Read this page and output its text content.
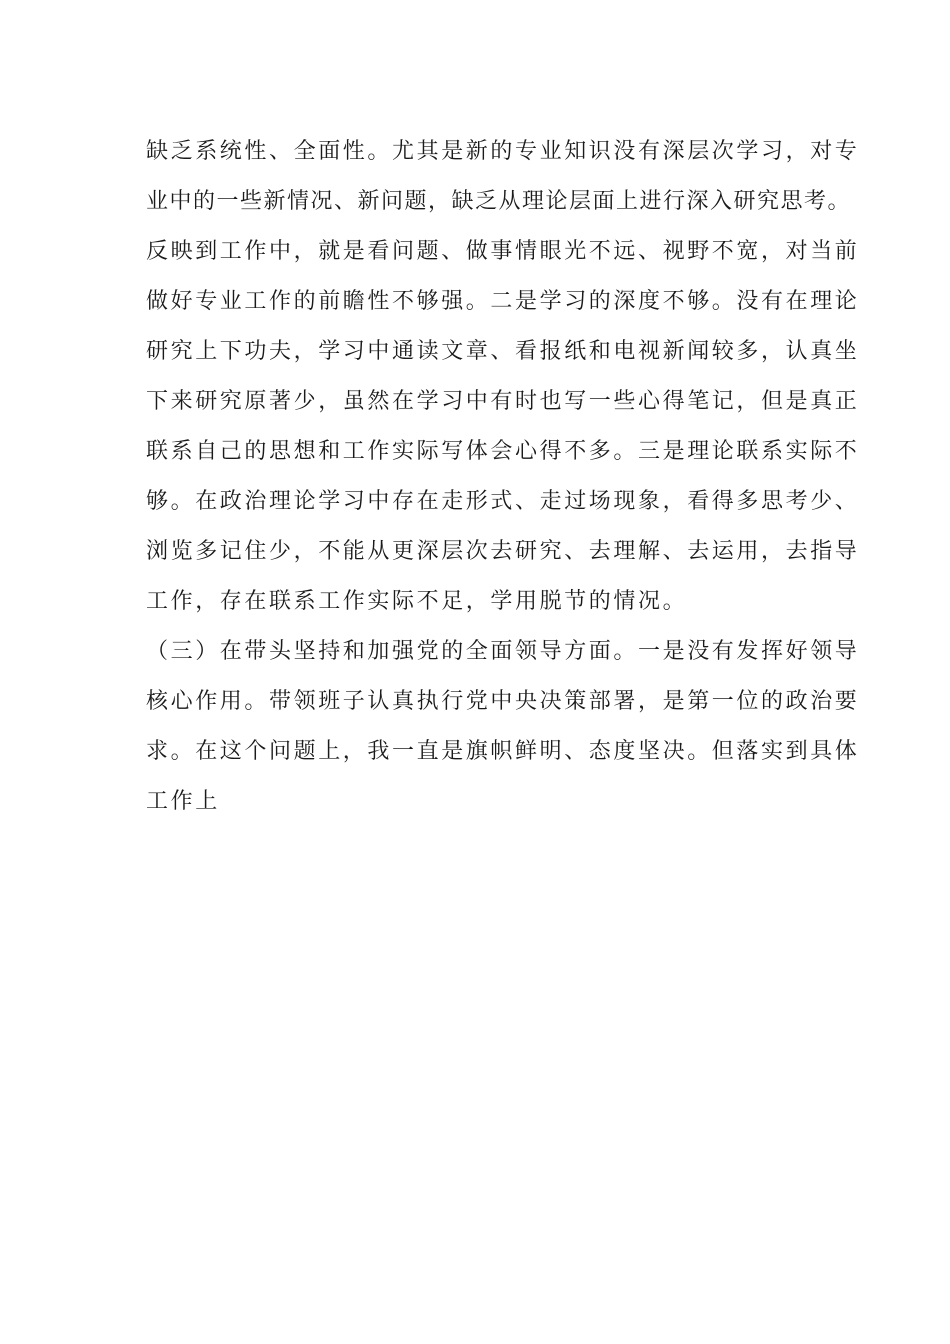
缺乏系统性、全面性。尤其是新的专业知识没有深层次学习，对专
业中的一些新情况、新问题，缺乏从理论层面上进行深入研究思考。
反映到工作中，就是看问题、做事情眼光不远、视野不宽，对当前
做好专业工作的前瞻性不够强。二是学习的深度不够。没有在理论
研究上下功夫，学习中通读文章、看报纸和电视新闻较多，认真坐
下来研究原著少，虽然在学习中有时也写一些心得笔记，但是真正
联系自己的思想和工作实际写体会心得不多。三是理论联系实际不
够。在政治理论学习中存在走形式、走过场现象，看得多思考少、
浏览多记住少，不能从更深层次去研究、去理解、去运用，去指导
工作，存在联系工作实际不足，学用脱节的情况。
（三）在带头坚持和加强党的全面领导方面。一是没有发挥好领导
核心作用。带领班子认真执行党中央决策部署，是第一位的政治要
求。在这个问题上，我一直是旗帜鲜明、态度坚决。但落实到具体
工作上
